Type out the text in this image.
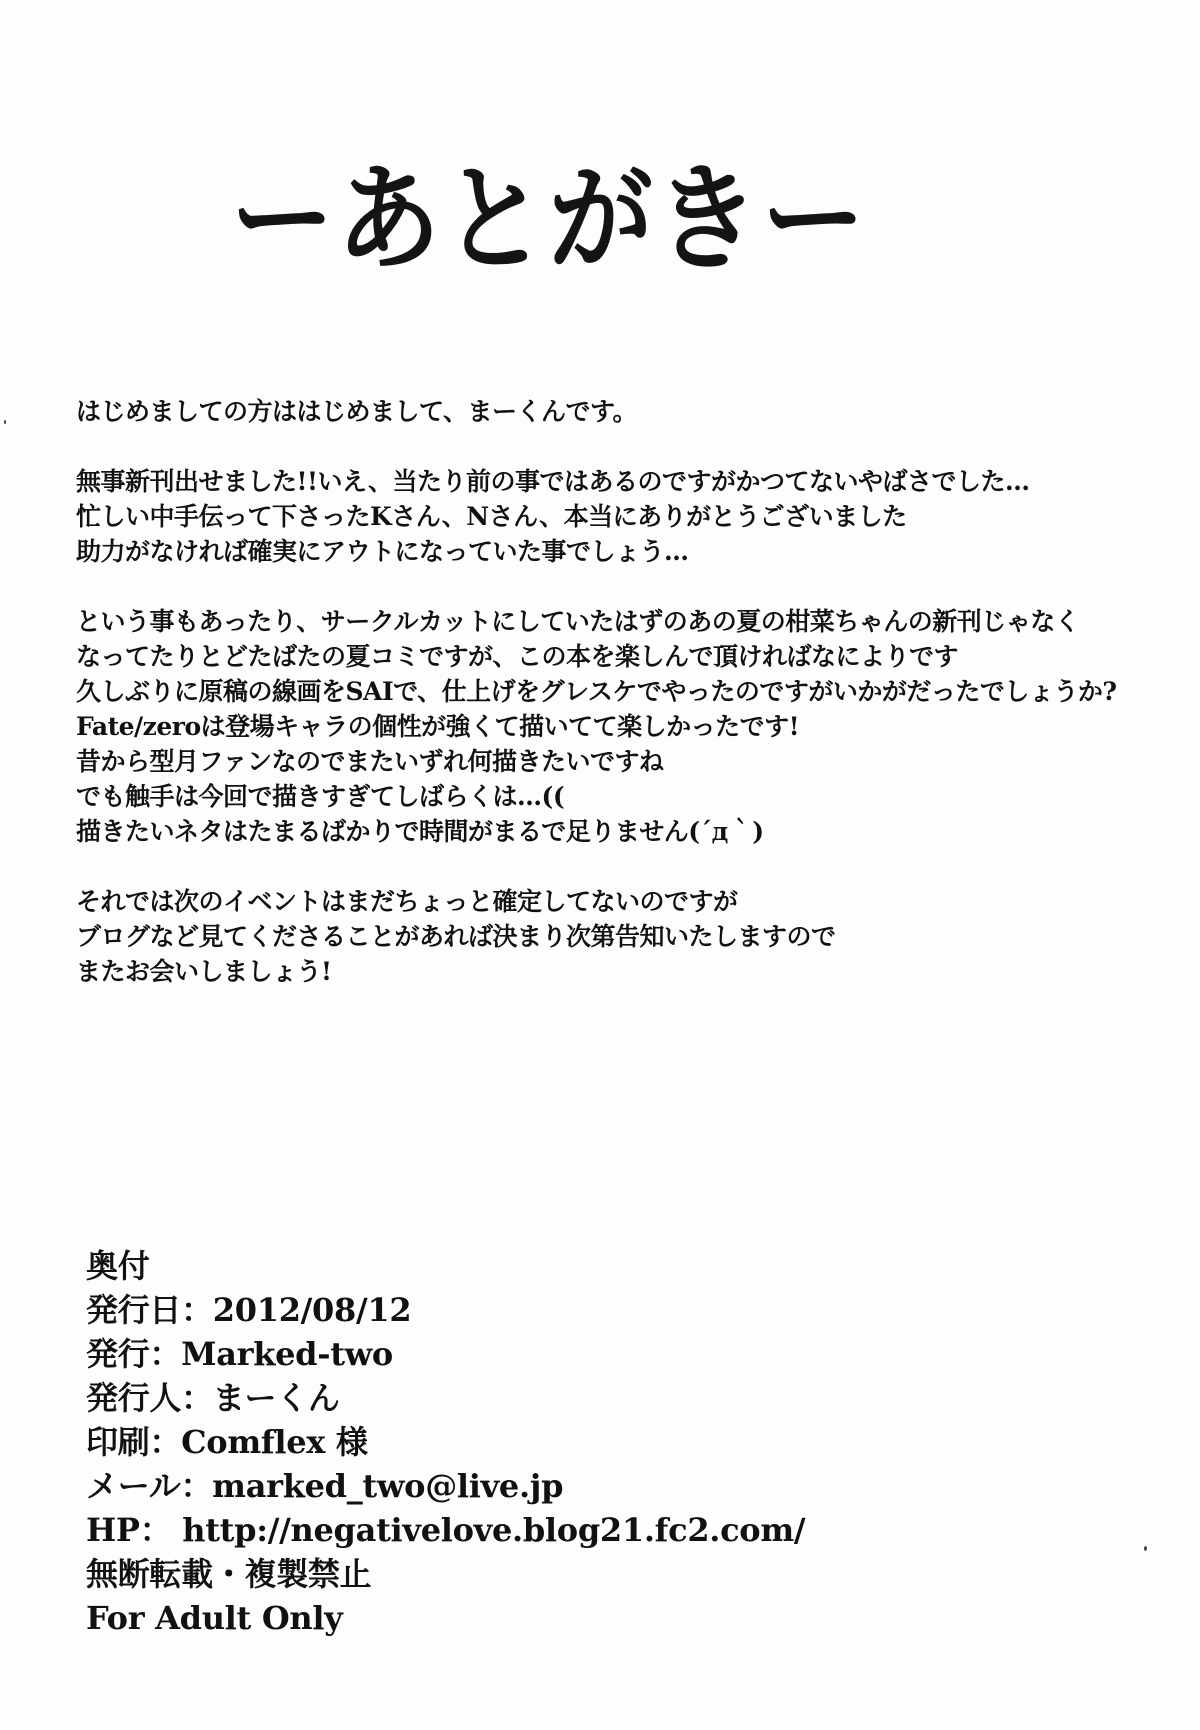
ーあとがきー
はじめましての方ははじめまして、まーくんです。
無事新刊出せました!!いえ、当たり前の事ではあるのですがかつてないやばさでした…
忙しい中手伝って下さったKさん、Nさん、本当にありがとうございました
助力がなければ確実にアウトになっていた事でしょう…
という事もあったり、サークルカットにしていたはずのあの夏の柑菜ちゃんの新刊じゃなく
なってたりとどたばたの夏コミですが、この本を楽しんで頂ければなによりです
久しぶりに原稿の線画をSAIで、仕上げをグレスケでやったのですがいかがだったでしょうか?
Fate/zeroは登場キャラの個性が強くて描いてて楽しかったです!
昔から型月ファンなのでまたいずれ何描きたいですね
でも触手は今回で描きすぎてしばらくは…((
描きたいネタはたまるばかりで時間がまるで足りません(´д｀)
それでは次のイベントはまだちょっと確定してないのですが
ブログなど見てくださることがあれば決まり次第告知いたしますので
またお会いしましょう!
奥付
発行日：2012/08/12
発行：Marked-two
発行人：まーくん
印刷：Comflex 様
メール：marked_two@live.jp
HP： http://negativelove.blog21.fc2.com/
無断転載・複製禁止
For Adult Only
